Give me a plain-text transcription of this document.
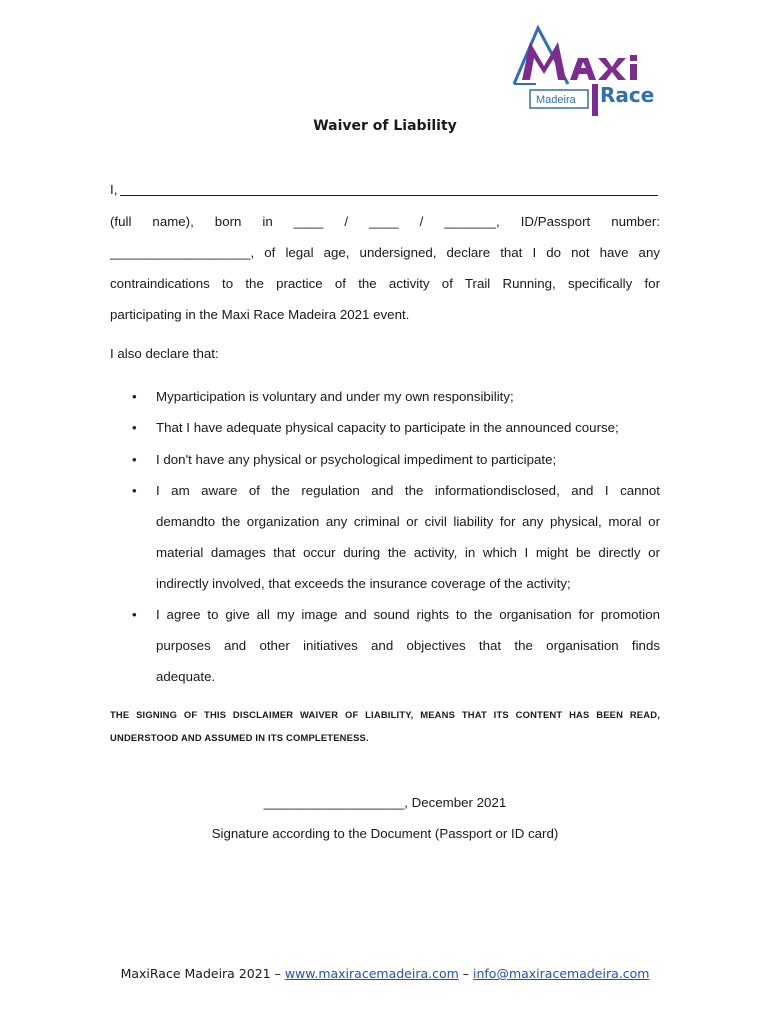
Race
Madeira
Waiver of Liability
I,
(full name), born in ____ / ____ / _______, ID/Passport number:
___________________, of legal age, undersigned, declare that I do not have any
contraindications to the practice of the activity of Trail Running, specifically for
participating in the Maxi Race Madeira 2021 event.
I also declare that:
• Myparticipation is voluntary and under my own responsibility;
• That I have adequate physical capacity to participate in the announced course;
• I don't have any physical or psychological impediment to participate;
• I am aware of the regulation and the informationdisclosed, and I cannot
demandto the organization any criminal or civil liability for any physical, moral or
material damages that occur during the activity, in which I might be directly or
indirectly involved, that exceeds the insurance coverage of the activity;
• I agree to give all my image and sound rights to the organisation for promotion
purposes and other initiatives and objectives that the organisation finds
adequate.
THE SIGNING OF THIS DISCLAIMER WAIVER OF LIABILITY, MEANS THAT ITS CONTENT HAS BEEN READ,
UNDERSTOOD AND ASSUMED IN ITS COMPLETENESS.
___________________, December 2021
Signature according to the Document (Passport or ID card)
MaxiRace Madeira 2021 – www.maxiracemadeira.com – info@maxiracemadeira.com
